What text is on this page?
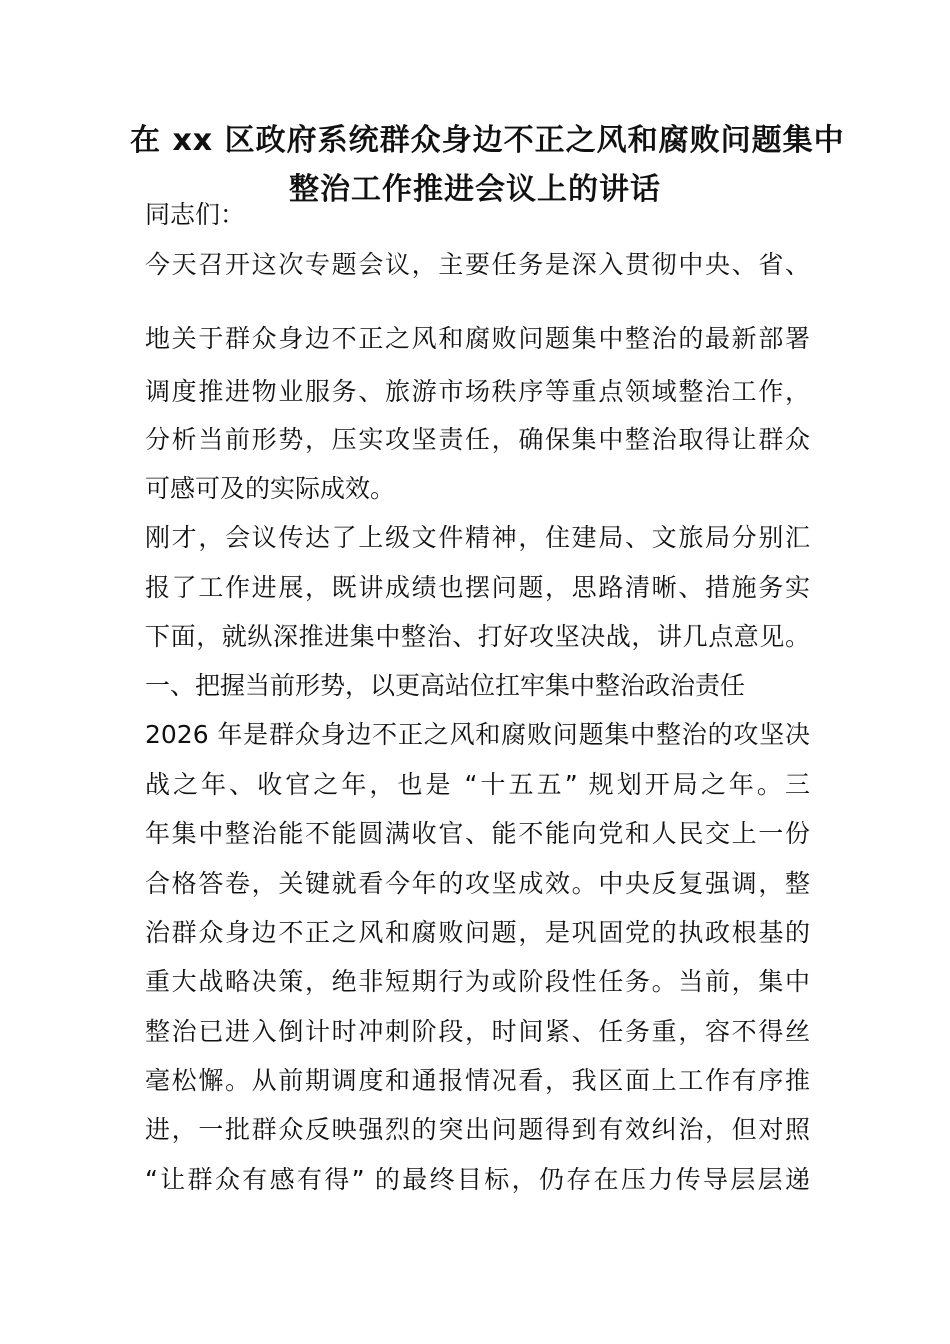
在 xx 区政府系统群众身边不正之风和腐败问题集中
整治工作推进会议上的讲话
同志们：
今天召开这次专题会议，主要任务是深入贯彻中央、省、
地关于群众身边不正之风和腐败问题集中整治的最新部署
调度推进物业服务、旅游市场秩序等重点领域整治工作，
分析当前形势，压实攻坚责任，确保集中整治取得让群众
可感可及的实际成效。
刚才，会议传达了上级文件精神，住建局、文旅局分别汇
报了工作进展，既讲成绩也摆问题，思路清晰、措施务实
下面，就纵深推进集中整治、打好攻坚决战，讲几点意见。
一、把握当前形势，以更高站位扛牢集中整治政治责任
2026 年是群众身边不正之风和腐败问题集中整治的攻坚决
战之年、收官之年，也是 “十五五” 规划开局之年。三
年集中整治能不能圆满收官、能不能向党和人民交上一份
合格答卷，关键就看今年的攻坚成效。中央反复强调，整
治群众身边不正之风和腐败问题，是巩固党的执政根基的
重大战略决策，绝非短期行为或阶段性任务。当前，集中
整治已进入倒计时冲刺阶段，时间紧、任务重，容不得丝
毫松懈。从前期调度和通报情况看，我区面上工作有序推
进，一批群众反映强烈的突出问题得到有效纠治，但对照
“让群众有感有得” 的最终目标，仍存在压力传导层层递
